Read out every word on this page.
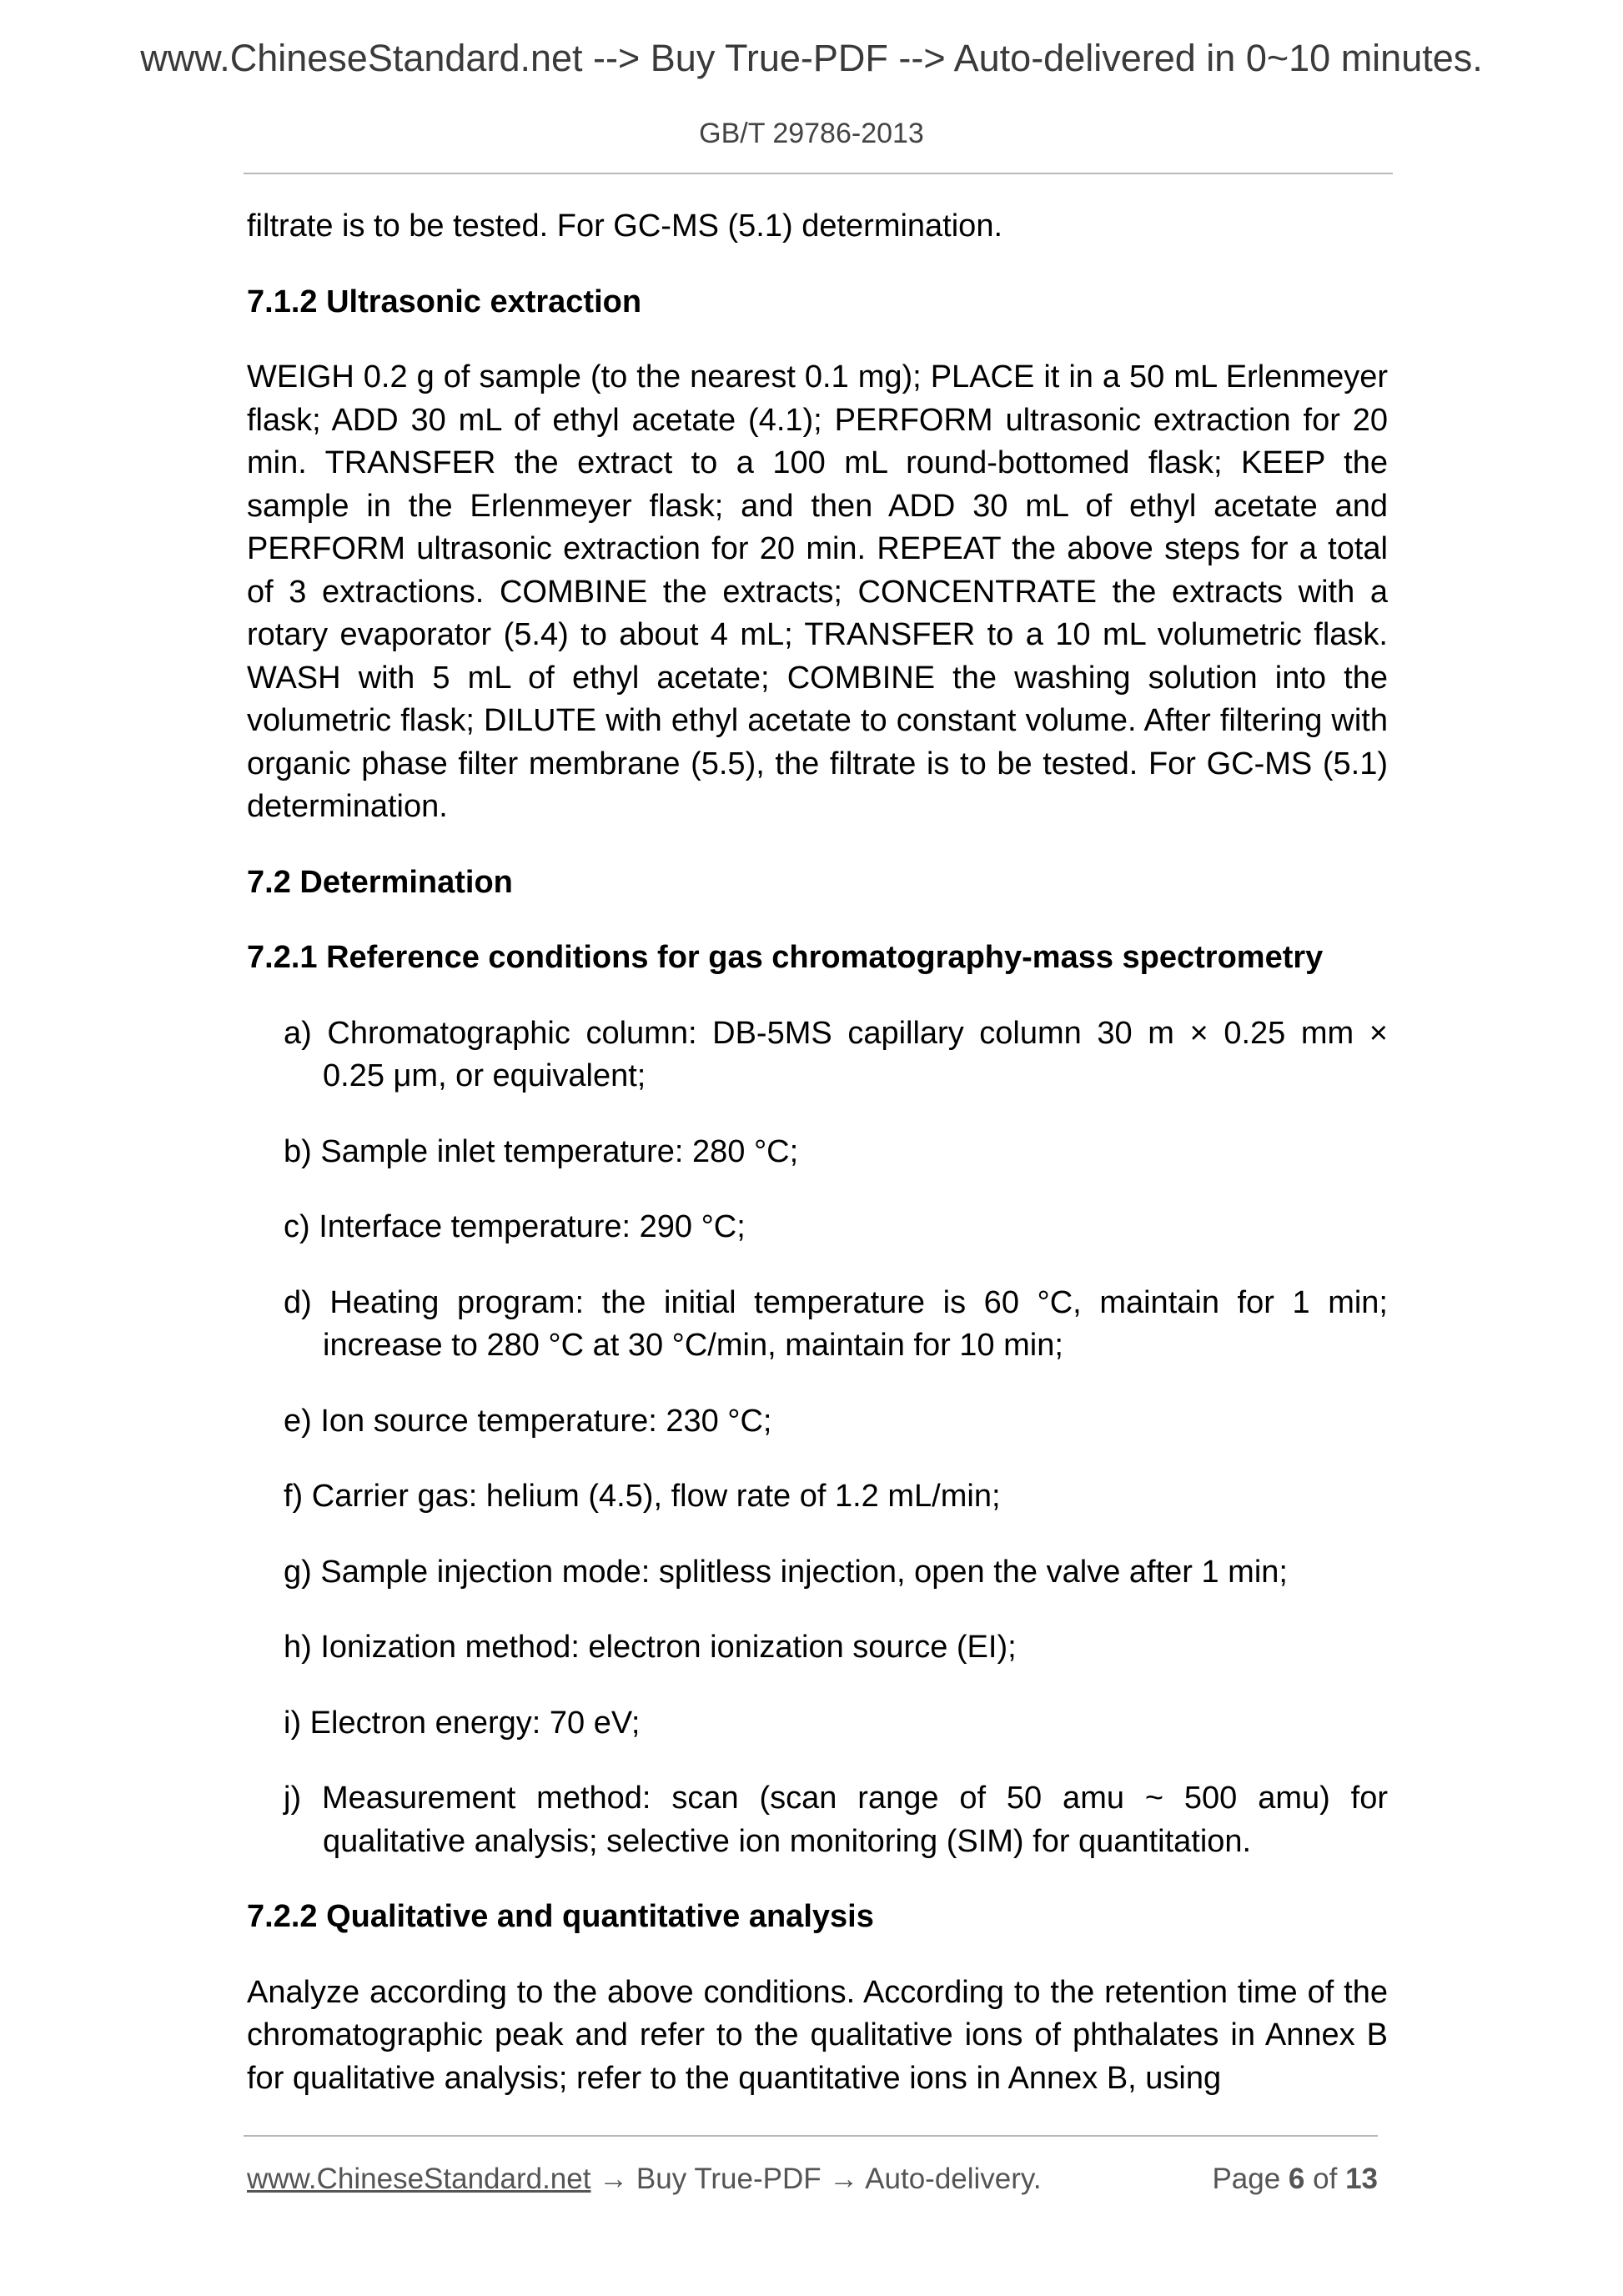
www.ChineseStandard.net --> Buy True-PDF --> Auto-delivered in 0~10 minutes.
GB/T 29786-2013

filtrate is to be tested. For GC-MS (5.1) determination.

7.1.2 Ultrasonic extraction

WEIGH 0.2 g of sample (to the nearest 0.1 mg); PLACE it in a 50 mL Erlenmeyer flask; ADD 30 mL of ethyl acetate (4.1); PERFORM ultrasonic extraction for 20 min. TRANSFER the extract to a 100 mL round-bottomed flask; KEEP the sample in the Erlenmeyer flask; and then ADD 30 mL of ethyl acetate and PERFORM ultrasonic extraction for 20 min. REPEAT the above steps for a total of 3 extractions. COMBINE the extracts; CONCENTRATE the extracts with a rotary evaporator (5.4) to about 4 mL; TRANSFER to a 10 mL volumetric flask. WASH with 5 mL of ethyl acetate; COMBINE the washing solution into the volumetric flask; DILUTE with ethyl acetate to constant volume. After filtering with organic phase filter membrane (5.5), the filtrate is to be tested. For GC-MS (5.1) determination.

7.2 Determination
7.2.1 Reference conditions for gas chromatography-mass spectrometry
a) Chromatographic column: DB-5MS capillary column 30 m × 0.25 mm ×
0.25 μm, or equivalent;
b) Sample inlet temperature: 280 °C;
c) Interface temperature: 290 °C;
d) Heating program: the initial temperature is 60 °C, maintain for 1 min;
increase to 280 °C at 30 °C/min, maintain for 10 min;
e) Ion source temperature: 230 °C;
f) Carrier gas: helium (4.5), flow rate of 1.2 mL/min;
g) Sample injection mode: splitless injection, open the valve after 1 min;
h) Ionization method: electron ionization source (EI);
i) Electron energy: 70 eV;
j) Measurement method: scan (scan range of 50 amu ~ 500 amu) for
qualitative analysis; selective ion monitoring (SIM) for quantitation.
7.2.2 Qualitative and quantitative analysis

Analyze according to the above conditions. According to the retention time of the chromatographic peak and refer to the qualitative ions of phthalates in Annex B for qualitative analysis; refer to the quantitative ions in Annex B, using

www.ChineseStandard.net → Buy True-PDF → Auto-delivery.	Page 6 of 13
